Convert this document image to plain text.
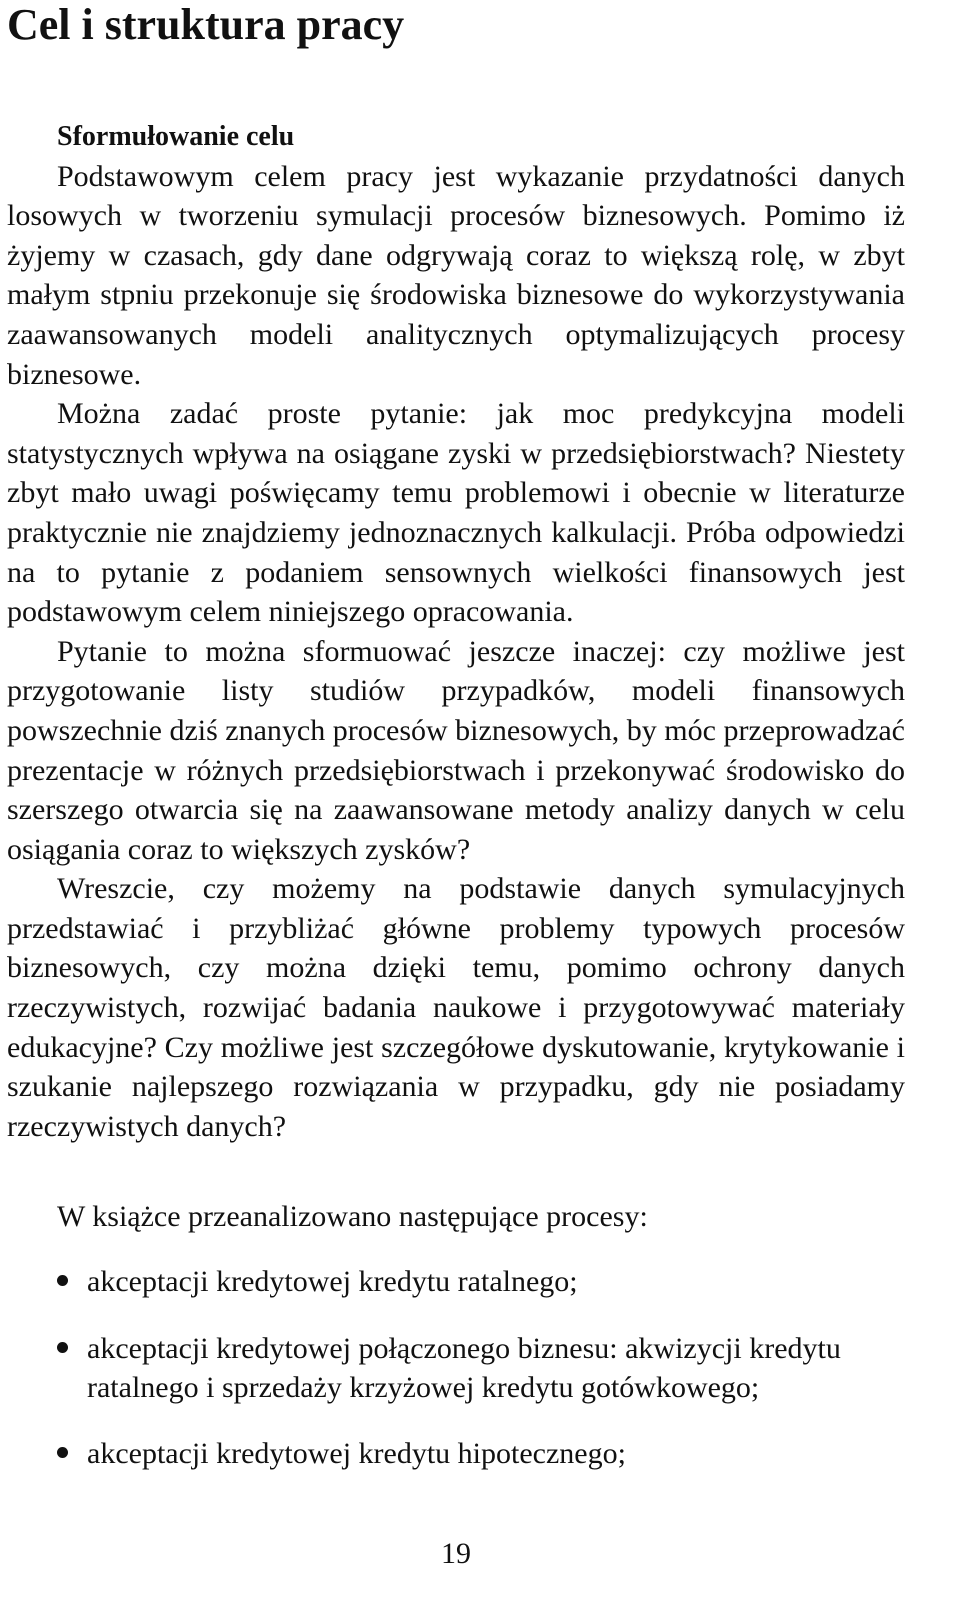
Cel i struktura pracy

Sformułowanie celu

Podstawowym celem pracy jest wykazanie przydatności danych losowych w tworzeniu symulacji procesów biznesowych. Pomimo iż żyjemy w czasach, gdy dane odgrywają coraz to większą rolę, w zbyt małym stpniu przekonuje się środowiska biznesowe do wykorzystywania zaawansowanych modeli analitycznych optymalizujących procesy biznesowe.

Można zadać proste pytanie: jak moc predykcyjna modeli statystycznych wpływa na osiągane zyski w przedsiębiorstwach? Niestety zbyt mało uwagi poświęcamy temu problemowi i obecnie w literaturze praktycznie nie znajdziemy jednoznacznych kalkulacji. Próba odpowiedzi na to pytanie z podaniem sensownych wielkości finansowych jest podstawowym celem niniejszego opracowania.

Pytanie to można sformuować jeszcze inaczej: czy możliwe jest przygotowanie listy studiów przypadków, modeli finansowych powszechnie dziś znanych procesów biznesowych, by móc przeprowadzać prezentacje w różnych przedsiębiorstwach i przekonywać środowisko do szerszego otwarcia się na zaawansowane metody analizy danych w celu osiągania coraz to większych zysków?

Wreszcie, czy możemy na podstawie danych symulacyjnych przedstawiać i przybliżać główne problemy typowych procesów biznesowych, czy można dzięki temu, pomimo ochrony danych rzeczywistych, rozwijać badania naukowe i przygotowywać materiały edukacyjne? Czy możliwe jest szczegółowe dyskutowanie, krytykowanie i szukanie najlepszego rozwiązania w przypadku, gdy nie posiadamy rzeczywistych danych?

W książce przeanalizowano następujące procesy:

akceptacji kredytowej kredytu ratalnego;
akceptacji kredytowej połączonego biznesu: akwizycji kredytu ratalnego i sprzedaży krzyżowej kredytu gotówkowego;
akceptacji kredytowej kredytu hipotecznego;

19
